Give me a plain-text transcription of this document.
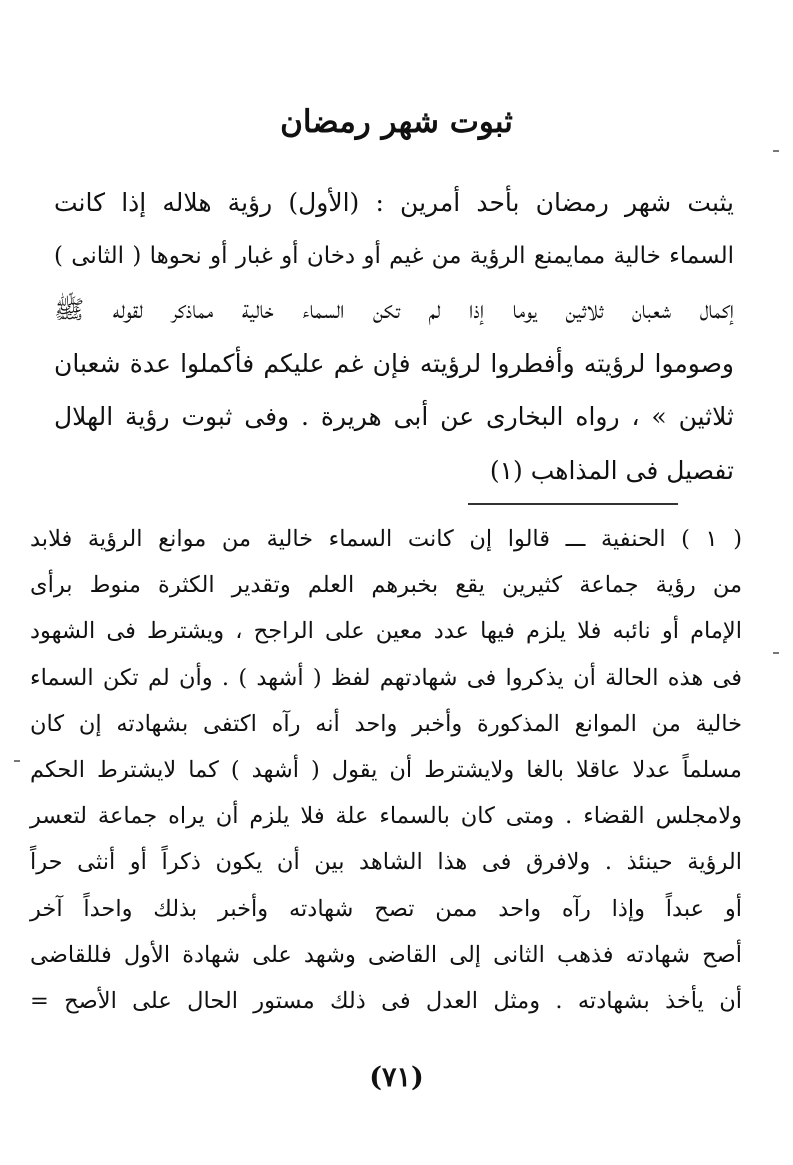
ثبوت شهر رمضان
يثبت شهر رمضان بأحد أمرين : (الأول) رؤية هلاله إذا كانت
السماء خالية ممايمنع الرؤية من غيم أو دخان أو غبار أو نحوها ( الثانى )
إكمال شعبان ثلاثين يوما إذا لم تكن السماء خالية مماذكر لقوله ﷺ
وصوموا لرؤيته وأفطروا لرؤيته فإن غم عليكم فأكملوا عدة شعبان
ثلاثين » ، رواه البخارى عن أبى هريرة . وفى ثبوت رؤية الهلال
تفصيل فى المذاهب (١)
( ١ ) الحنفية ـــ قالوا إن كانت السماء خالية من موانع الرؤية فلابد
من رؤية جماعة كثيرين يقع بخبرهم العلم وتقدير الكثرة منوط برأى
الإمام أو نائبه فلا يلزم فيها عدد معين على الراجح ، ويشترط فى الشهود
فى هذه الحالة أن يذكروا فى شهادتهم لفظ ( أشهد ) . وأن لم تكن السماء
خالية من الموانع المذكورة وأخبر واحد أنه رآه اكتفى بشهادته إن كان
مسلماً عدلا عاقلا بالغا ولايشترط أن يقول ( أشهد ) كما لايشترط الحكم
ولامجلس القضاء . ومتى كان بالسماء علة فلا يلزم أن يراه جماعة لتعسر
الرؤية حينئذ . ولافرق فى هذا الشاهد بين أن يكون ذكراً أو أنثى حراً
أو عبداً وإذا رآه واحد ممن تصح شهادته وأخبر بذلك واحداً آخر
أصح شهادته فذهب الثانى إلى القاضى وشهد على شهادة الأول فللقاضى
أن يأخذ بشهادته . ومثل العدل فى ذلك مستور الحال على الأصح =
(٧١)
